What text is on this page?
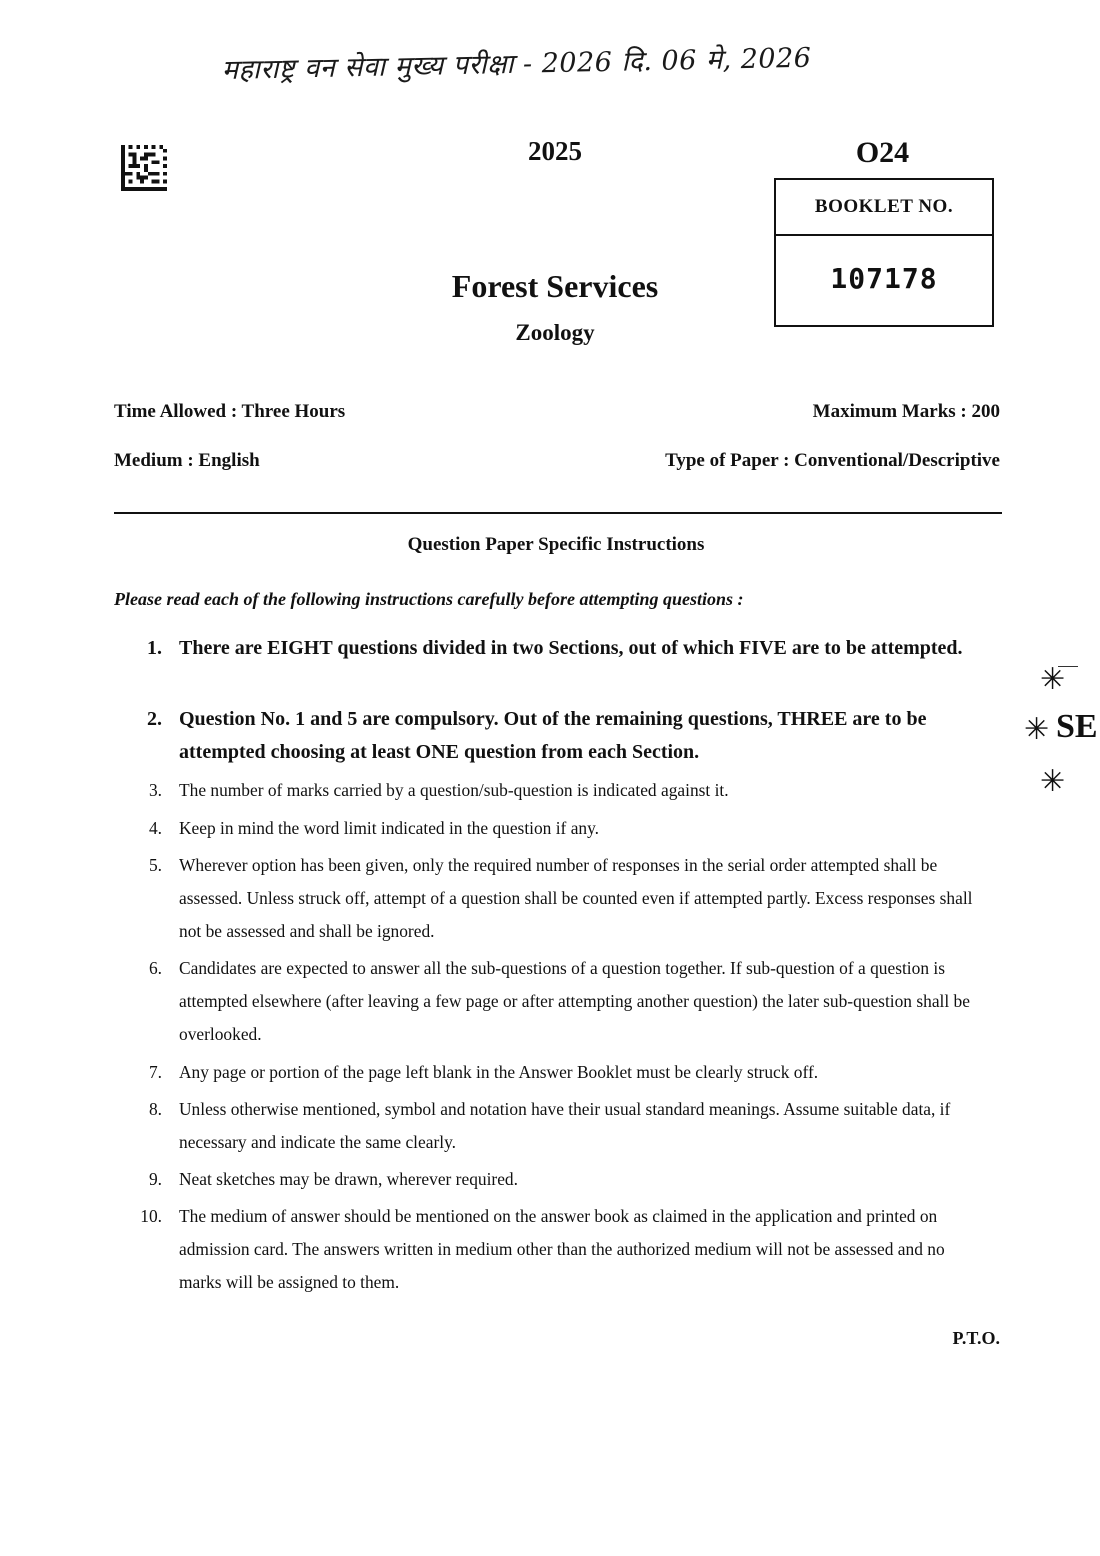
महाराष्ट्र वन सेवा मुख्य परीक्षा - 2026 दि. 06 मे, 2026
2025	O24
BOOKLET NO.
107178
Forest Services
Zoology
Time Allowed : Three Hours	Maximum Marks : 200
Medium : English	Type of Paper : Conventional/Descriptive
Question Paper Specific Instructions
Please read each of the following instructions carefully before attempting questions :
1. There are EIGHT questions divided in two Sections, out of which FIVE are to be attempted.
2. Question No. 1 and 5 are compulsory. Out of the remaining questions, THREE are to be attempted choosing at least ONE question from each Section.
3. The number of marks carried by a question/sub-question is indicated against it.
4. Keep in mind the word limit indicated in the question if any.
5. Wherever option has been given, only the required number of responses in the serial order attempted shall be assessed. Unless struck off, attempt of a question shall be counted even if attempted partly. Excess responses shall not be assessed and shall be ignored.
6. Candidates are expected to answer all the sub-questions of a question together. If sub-question of a question is attempted elsewhere (after leaving a few page or after attempting another question) the later sub-question shall be overlooked.
7. Any page or portion of the page left blank in the Answer Booklet must be clearly struck off.
8. Unless otherwise mentioned, symbol and notation have their usual standard meanings. Assume suitable data, if necessary and indicate the same clearly.
9. Neat sketches may be drawn, wherever required.
10. The medium of answer should be mentioned on the answer book as claimed in the application and printed on admission card. The answers written in medium other than the authorized medium will not be assessed and no marks will be assigned to them.
✳
✳ SE
✳
P.T.O.
